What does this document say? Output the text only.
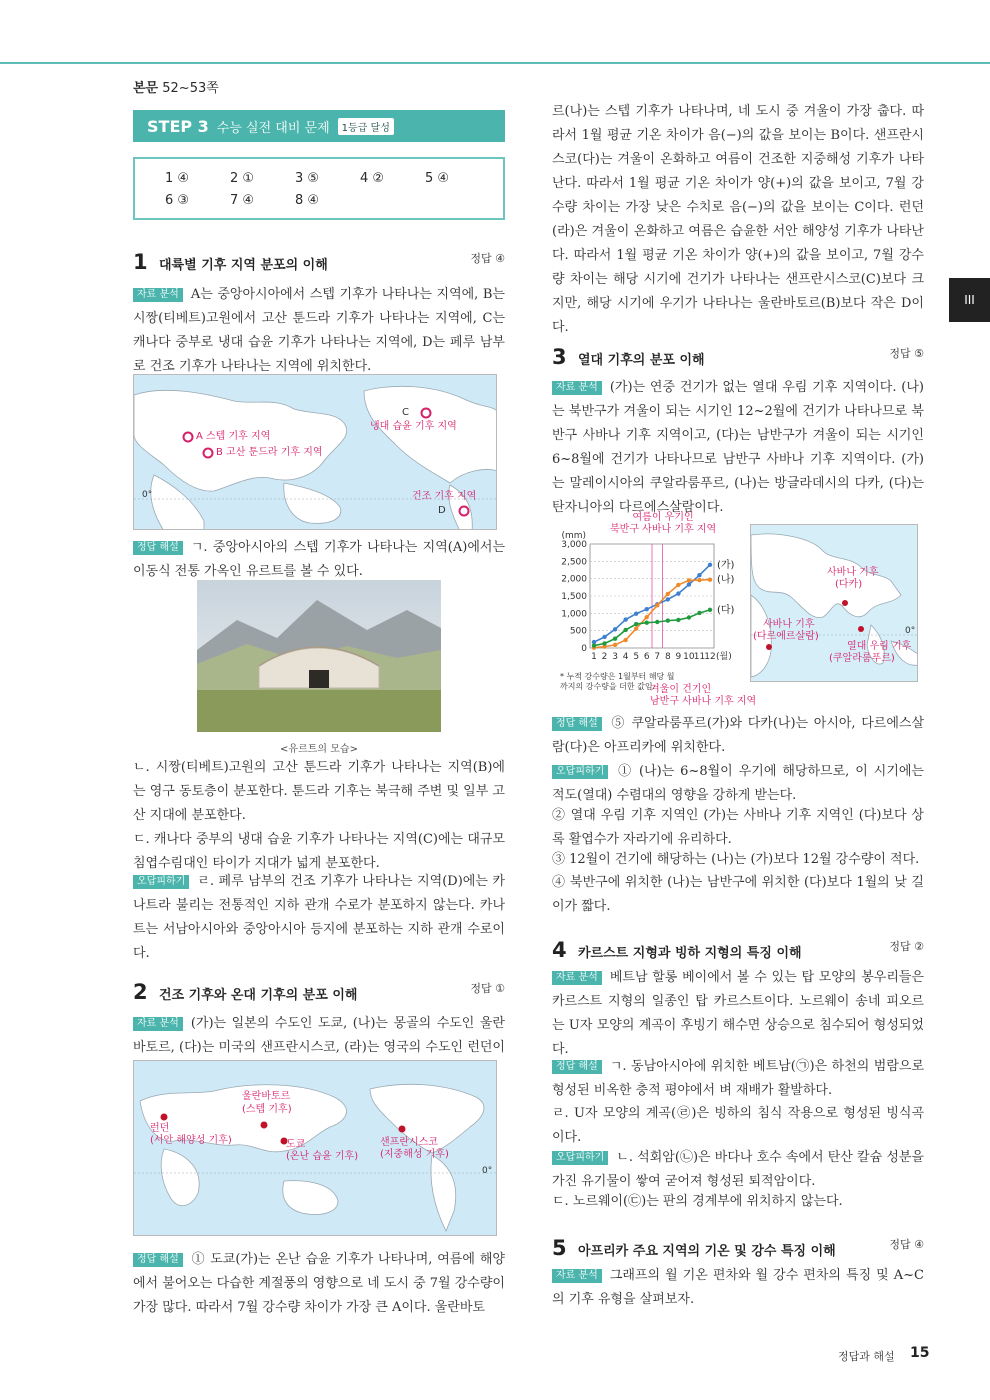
본문 52~53쪽
STEP 3 수능 실전 대비 문제	1등급 달성
1 ④	2 ①	3 ⑤	4 ②	5 ④
6 ③	7 ④	8 ④
1 대륙별 기후 지역 분포의 이해	정답 ④
자료 분석 A는 중앙아시아에서 스텝 기후가 나타나는 지역에, B는 시짱(티베트)고원에서 고산 툰드라 기후가 나타나는 지역에, C는 캐나다 중부로 냉대 습윤 기후가 나타나는 지역에, D는 페루 남부로 건조 기후가 나타나는 지역에 위치한다.
A 스텝 기후 지역
B 고산 툰드라 기후 지역
C
냉대 습윤 기후 지역
건조 기후 지역
D
0°
정답 해설 ㄱ. 중앙아시아의 스텝 기후가 나타나는 지역(A)에서는 이동식 전통 가옥인 유르트를 볼 수 있다.
<유르트의 모습>
ㄴ. 시짱(티베트)고원의 고산 툰드라 기후가 나타나는 지역(B)에는 영구 동토층이 분포한다. 툰드라 기후는 북극해 주변 및 일부 고산 지대에 분포한다.
ㄷ. 캐나다 중부의 냉대 습윤 기후가 나타나는 지역(C)에는 대규모 침엽수림대인 타이가 지대가 넓게 분포한다.
오답피하기 ㄹ. 페루 남부의 건조 기후가 나타나는 지역(D)에는 카나트라 불리는 전통적인 지하 관개 수로가 분포하지 않는다. 카나트는 서남아시아와 중앙아시아 등지에 분포하는 지하 관개 수로이다.
2 건조 기후와 온대 기후의 분포 이해	정답 ①
자료 분석 (가)는 일본의 수도인 도쿄, (나)는 몽골의 수도인 울란바토르, (다)는 미국의 샌프란시스코, (라)는 영국의 수도인 런던이
울란바토르
(스텝 기후)
런던
(서안 해양성 기후)	도쿄
(온난 습윤 기후)
샌프란시스코
(지중해성 기후)
0°
정답 해설 ① 도쿄(가)는 온난 습윤 기후가 나타나며, 여름에 해양에서 불어오는 다습한 계절풍의 영향으로 네 도시 중 7월 강수량이 가장 많다. 따라서 7월 강수량 차이가 가장 큰 A이다. 울란바토
르(나)는 스텝 기후가 나타나며, 네 도시 중 겨울이 가장 춥다. 따라서 1월 평균 기온 차이가 음(−)의 값을 보이는 B이다. 샌프란시스코(다)는 겨울이 온화하고 여름이 건조한 지중해성 기후가 나타난다. 따라서 1월 평균 기온 차이가 양(+)의 값을 보이고, 7월 강수량 차이는 가장 낮은 수치로 음(−)의 값을 보이는 C이다. 런던(라)은 겨울이 온화하고 여름은 습윤한 서안 해양성 기후가 나타난다. 따라서 1월 평균 기온 차이가 양(+)의 값을 보이고, 7월 강수량 차이는 해당 시기에 건기가 나타나는 샌프란시스코(C)보다 크지만, 해당 시기에 우기가 나타나는 울란바토르(B)보다 작은 D이다.
3 열대 기후의 분포 이해	정답 ⑤
자료 분석 (가)는 연중 건기가 없는 열대 우림 기후 지역이다. (나)는 북반구가 겨울이 되는 시기인 12~2월에 건기가 나타나므로 북반구 사바나 기후 지역이고, (다)는 남반구가 겨울이 되는 시기인 6~8월에 건기가 나타나므로 남반구 사바나 기후 지역이다. (가)는 말레이시아의 쿠알라룸푸르, (나)는 방글라데시의 다카, (다)는 탄자니아의 다르에스살람이다.
여름이 우기인
북반구 사바나 기후 지역
3,000
2,500
2,000
1,500
1,000
500
0
(mm)
1 2 3 4 5 6 7 8 9 10 11 12 (월)
(가)
(나)
(다)
* 누적 강수량은 1월부터 해당 월까지의 강수량을 더한 값임.
겨울이 건기인
남반구 사바나 기후 지역
사바나 기후
(다카)
사바나 기후
(다르에르살람)
열대 우림 기후
(쿠알라룸푸르)
0°
정답 해설 ⑤ 쿠알라룸푸르(가)와 다카(나)는 아시아, 다르에스살람(다)은 아프리카에 위치한다.
오답피하기 ① (나)는 6~8월이 우기에 해당하므로, 이 시기에는 적도(열대) 수렴대의 영향을 강하게 받는다.
② 열대 우림 기후 지역인 (가)는 사바나 기후 지역인 (다)보다 상록 활엽수가 자라기에 유리하다.
③ 12월이 건기에 해당하는 (나)는 (가)보다 12월 강수량이 적다.
④ 북반구에 위치한 (나)는 남반구에 위치한 (다)보다 1월의 낮 길이가 짧다.
4 카르스트 지형과 빙하 지형의 특징 이해	정답 ②
자료 분석 베트남 할롱 베이에서 볼 수 있는 탑 모양의 봉우리들은 카르스트 지형의 일종인 탑 카르스트이다. 노르웨이 송네 피오르는 U자 모양의 계곡이 후빙기 해수면 상승으로 침수되어 형성되었다.
정답 해설 ㄱ. 동남아시아에 위치한 베트남(㉠)은 하천의 범람으로 형성된 비옥한 충적 평야에서 벼 재배가 활발하다.
ㄹ. U자 모양의 계곡(㉣)은 빙하의 침식 작용으로 형성된 빙식곡이다.
오답피하기 ㄴ. 석회암(㉡)은 바다나 호수 속에서 탄산 칼슘 성분을 가진 유기물이 쌓여 굳어져 형성된 퇴적암이다.
ㄷ. 노르웨이(㉢)는 판의 경계부에 위치하지 않는다.
5 아프리카 주요 지역의 기온 및 강수 특징 이해	정답 ④
자료 분석 그래프의 월 기온 편차와 월 강수 편차의 특징 및 A~C의 기후 유형을 살펴보자.
III
정답과 해설 15
